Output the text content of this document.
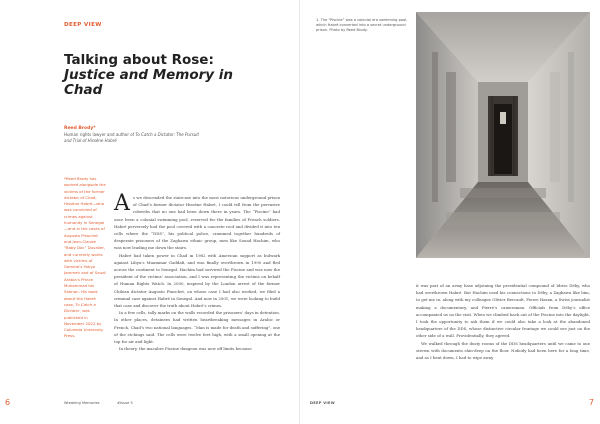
DEEP VIEW
Talking about Rose:
Justice and Memory in Chad
Reed Brody*
Human rights lawyer and author of To Catch a Dictator: The Pursuit and Trial of Hissène Habré
*Reed Brody has worked alongside the victims of the former dictator of Chad, Hissène Habré—who was convicted of crimes against humanity in Senegal—and in the cases of Augusto Pinochet and Jean-Claude “Baby Doc” Duvalier, and currently works with victims of Gambia’s Yahya Jammeh and of Saudi Arabia’s Prince Muhammad bin Salman. His book about the Habré case, To Catch a Dictator, was published in November 2022 by Columbia University Press.

As we descended the staircase into the most notorious underground prison of Chad’s former dictator Hissène Habré, I could tell from the pervasive cobwebs that no one had been down there in years. The “Piscine” had once been a colonial swimming pool, reserved for the families of French soldiers. Habré perversely had the pool covered with a concrete roof and divided it into ten cells where the “DDS”, his political police, crammed together hundreds of desperate prisoners of the Zaghawa ethnic group, men like Souad Hachim, who was now leading me down the stairs.

Habré had taken power in Chad in 1982 with American support as bulwark against Libya’s Muammar Gaddafi, and was finally overthrown in 1990 and fled across the continent to Senegal. Hachim had survived the Piscine and was now the president of the victims’ association, and I was representing the victims on behalf of Human Rights Watch. In 2000, inspired by the London arrest of the former Chilean dictator Augusto Pinochet, on whose case I had also worked, we filed a criminal case against Habré in Senegal. And now in 2001, we were looking to build that case and discover the truth about Habré’s crimes.

In a few cells, tally marks on the walls recorded the prisoners’ days in detention. In other places, detainees had written heartbreaking messages in Arabic or French, Chad’s two national languages. “Man is made for death and suffering”, one of the etchings said. The cells were twelve feet high, with a small opening at the top for air and light.

In theory, the macabre Piscine dungeon was now off limits because

6	Wreaking Memories	#Issue 5
1. The “Piscine” was a colonial era swimming pool, which Habré converted into a secret underground prison. Photo by Reed Brody.

it was part of an army base adjoining the presidential compound of Idriss Déby, who had overthrown Habré. But Hachim used his connections to Déby, a Zaghawa like him, to get me in, along with my colleague Olivier Bercault, Pierre Hazan, a Swiss journalist making a documentary, and Pierre’s cameraman. Officials from Déby’s office accompanied us on the visit. When we climbed back out of the Piscine into the daylight, I took the opportunity to ask them if we could also take a look at the abandoned headquarters of the DDS, whose distinctive circular frontage we could see just on the other side of a wall. Providentially, they agreed.

We walked through the dusty rooms of the DDS headquarters until we came to one strewn with documents shin-deep on the floor. Nobody had been here for a long time, and as I bent down, I had to wipe away

DEEP VIEW	7
